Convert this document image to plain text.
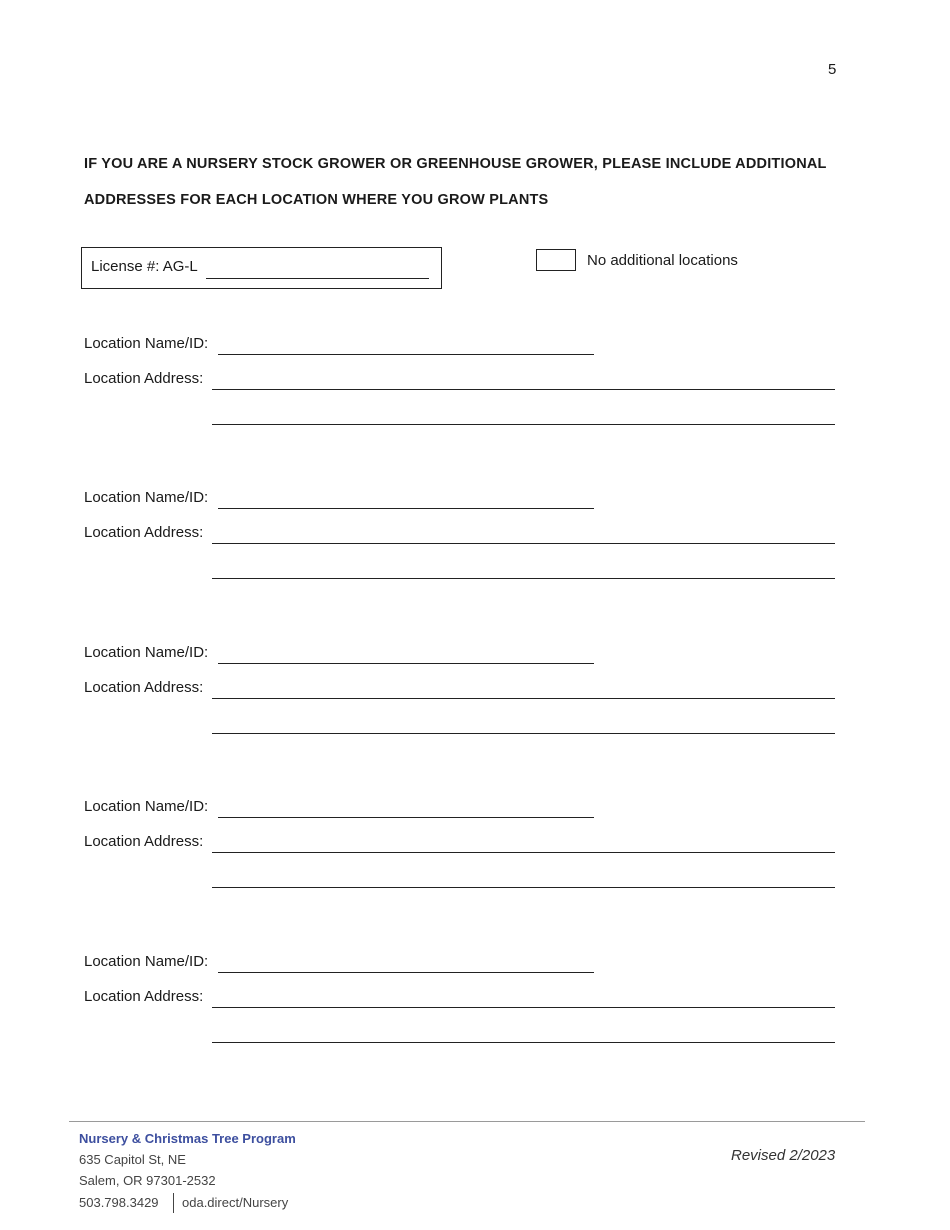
5
IF YOU ARE A NURSERY STOCK GROWER OR GREENHOUSE GROWER, PLEASE INCLUDE ADDITIONAL
ADDRESSES FOR EACH LOCATION WHERE YOU GROW PLANTS
License #: AG-L	No additional locations
Location Name/ID:
Location Address:
Location Name/ID:
Location Address:
Location Name/ID:
Location Address:
Location Name/ID:
Location Address:
Location Name/ID:
Location Address:
Nursery & Christmas Tree Program
635 Capitol St, NE
Salem, OR 97301-2532
503.798.3429 oda.direct/Nursery
Revised 2/2023
